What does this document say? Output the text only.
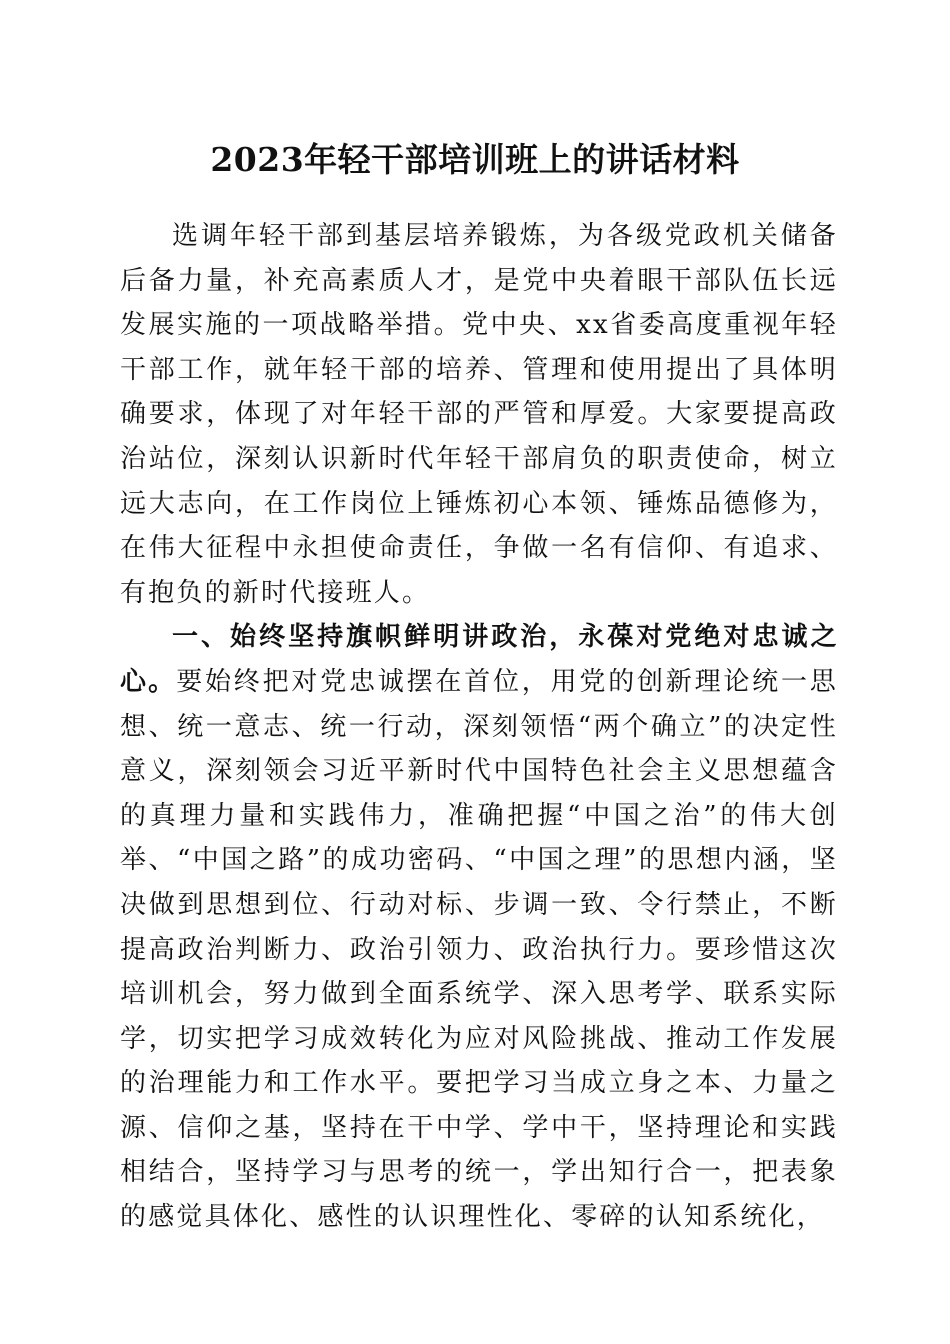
2023年轻干部培训班上的讲话材料

选调年轻干部到基层培养锻炼，为各级党政机关储备后备力量，补充高素质人才，是党中央着眼干部队伍长远发展实施的一项战略举措。党中央、xx省委高度重视年轻干部工作，就年轻干部的培养、管理和使用提出了具体明确要求，体现了对年轻干部的严管和厚爱。大家要提高政治站位，深刻认识新时代年轻干部肩负的职责使命，树立远大志向，在工作岗位上锤炼初心本领、锤炼品德修为，在伟大征程中永担使命责任，争做一名有信仰、有追求、有抱负的新时代接班人。

一、始终坚持旗帜鲜明讲政治，永葆对党绝对忠诚之心。要始终把对党忠诚摆在首位，用党的创新理论统一思想、统一意志、统一行动，深刻领悟“两个确立”的决定性意义，深刻领会习近平新时代中国特色社会主义思想蕴含的真理力量和实践伟力，准确把握“中国之治”的伟大创举、“中国之路”的成功密码、“中国之理”的思想内涵，坚决做到思想到位、行动对标、步调一致、令行禁止，不断提高政治判断力、政治引领力、政治执行力。要珍惜这次培训机会，努力做到全面系统学、深入思考学、联系实际学，切实把学习成效转化为应对风险挑战、推动工作发展的治理能力和工作水平。要把学习当成立身之本、力量之源、信仰之基，坚持在干中学、学中干，坚持理论和实践相结合，坚持学习与思考的统一，学出知行合一，把表象的感觉具体化、感性的认识理性化、零碎的认知系统化，
